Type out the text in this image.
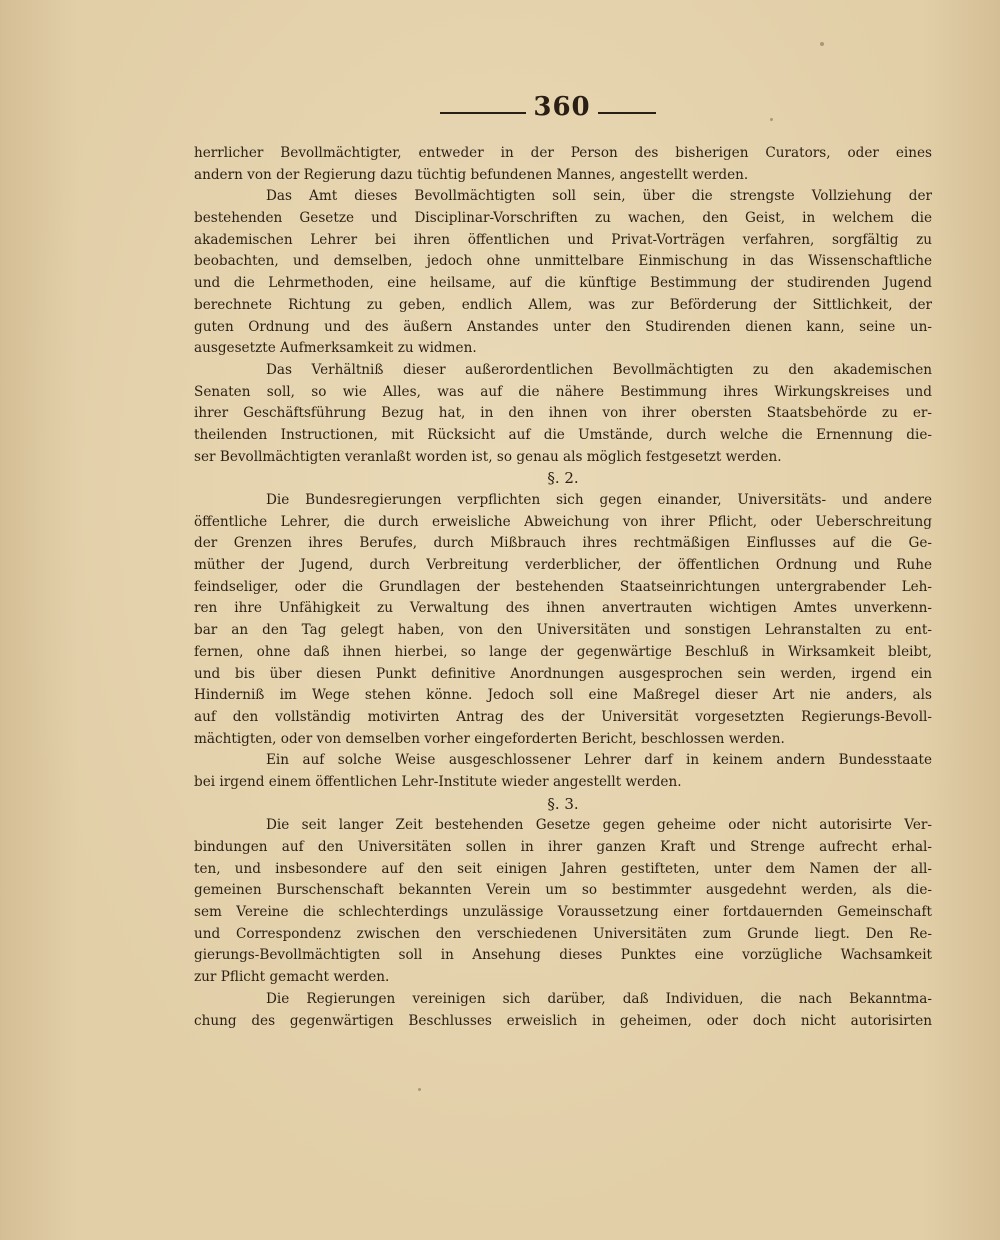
360
herrlicher Bevollmächtigter, entweder in der Person des bisherigen Curators, oder eines
andern von der Regierung dazu tüchtig befundenen Mannes, angestellt werden.
Das Amt dieses Bevollmächtigten soll sein, über die strengste Vollziehung der
bestehenden Gesetze und Disciplinar-Vorschriften zu wachen, den Geist, in welchem die
akademischen Lehrer bei ihren öffentlichen und Privat-Vorträgen verfahren, sorgfältig zu
beobachten, und demselben, jedoch ohne unmittelbare Einmischung in das Wissenschaftliche
und die Lehrmethoden, eine heilsame, auf die künftige Bestimmung der studirenden Jugend
berechnete Richtung zu geben, endlich Allem, was zur Beförderung der Sittlichkeit, der
guten Ordnung und des äußern Anstandes unter den Studirenden dienen kann, seine un-
ausgesetzte Aufmerksamkeit zu widmen.
Das Verhältniß dieser außerordentlichen Bevollmächtigten zu den akademischen
Senaten soll, so wie Alles, was auf die nähere Bestimmung ihres Wirkungskreises und
ihrer Geschäftsführung Bezug hat, in den ihnen von ihrer obersten Staatsbehörde zu er-
theilenden Instructionen, mit Rücksicht auf die Umstände, durch welche die Ernennung die-
ser Bevollmächtigten veranlaßt worden ist, so genau als möglich festgesetzt werden.
§. 2.
Die Bundesregierungen verpflichten sich gegen einander, Universitäts- und andere
öffentliche Lehrer, die durch erweisliche Abweichung von ihrer Pflicht, oder Ueberschreitung
der Grenzen ihres Berufes, durch Mißbrauch ihres rechtmäßigen Einflusses auf die Ge-
müther der Jugend, durch Verbreitung verderblicher, der öffentlichen Ordnung und Ruhe
feindseliger, oder die Grundlagen der bestehenden Staatseinrichtungen untergrabender Leh-
ren ihre Unfähigkeit zu Verwaltung des ihnen anvertrauten wichtigen Amtes unverkenn-
bar an den Tag gelegt haben, von den Universitäten und sonstigen Lehranstalten zu ent-
fernen, ohne daß ihnen hierbei, so lange der gegenwärtige Beschluß in Wirksamkeit bleibt,
und bis über diesen Punkt definitive Anordnungen ausgesprochen sein werden, irgend ein
Hinderniß im Wege stehen könne. Jedoch soll eine Maßregel dieser Art nie anders, als
auf den vollständig motivirten Antrag des der Universität vorgesetzten Regierungs-Bevoll-
mächtigten, oder von demselben vorher eingeforderten Bericht, beschlossen werden.
Ein auf solche Weise ausgeschlossener Lehrer darf in keinem andern Bundesstaate
bei irgend einem öffentlichen Lehr-Institute wieder angestellt werden.
§. 3.
Die seit langer Zeit bestehenden Gesetze gegen geheime oder nicht autorisirte Ver-
bindungen auf den Universitäten sollen in ihrer ganzen Kraft und Strenge aufrecht erhal-
ten, und insbesondere auf den seit einigen Jahren gestifteten, unter dem Namen der all-
gemeinen Burschenschaft bekannten Verein um so bestimmter ausgedehnt werden, als die-
sem Vereine die schlechterdings unzulässige Voraussetzung einer fortdauernden Gemeinschaft
und Correspondenz zwischen den verschiedenen Universitäten zum Grunde liegt. Den Re-
gierungs-Bevollmächtigten soll in Ansehung dieses Punktes eine vorzügliche Wachsamkeit
zur Pflicht gemacht werden.
Die Regierungen vereinigen sich darüber, daß Individuen, die nach Bekanntma-
chung des gegenwärtigen Beschlusses erweislich in geheimen, oder doch nicht autorisirten
